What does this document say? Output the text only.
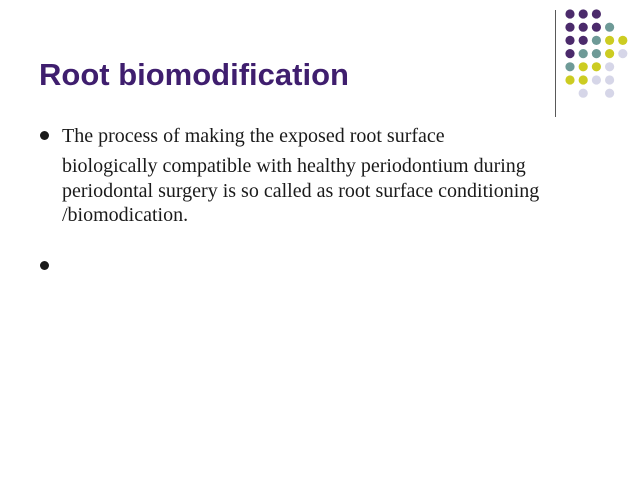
Root biomodification
The process of making the exposed root surface

biologically compatible with healthy periodontium during
periodontal surgery is so called as root surface conditioning
/biomodication.
